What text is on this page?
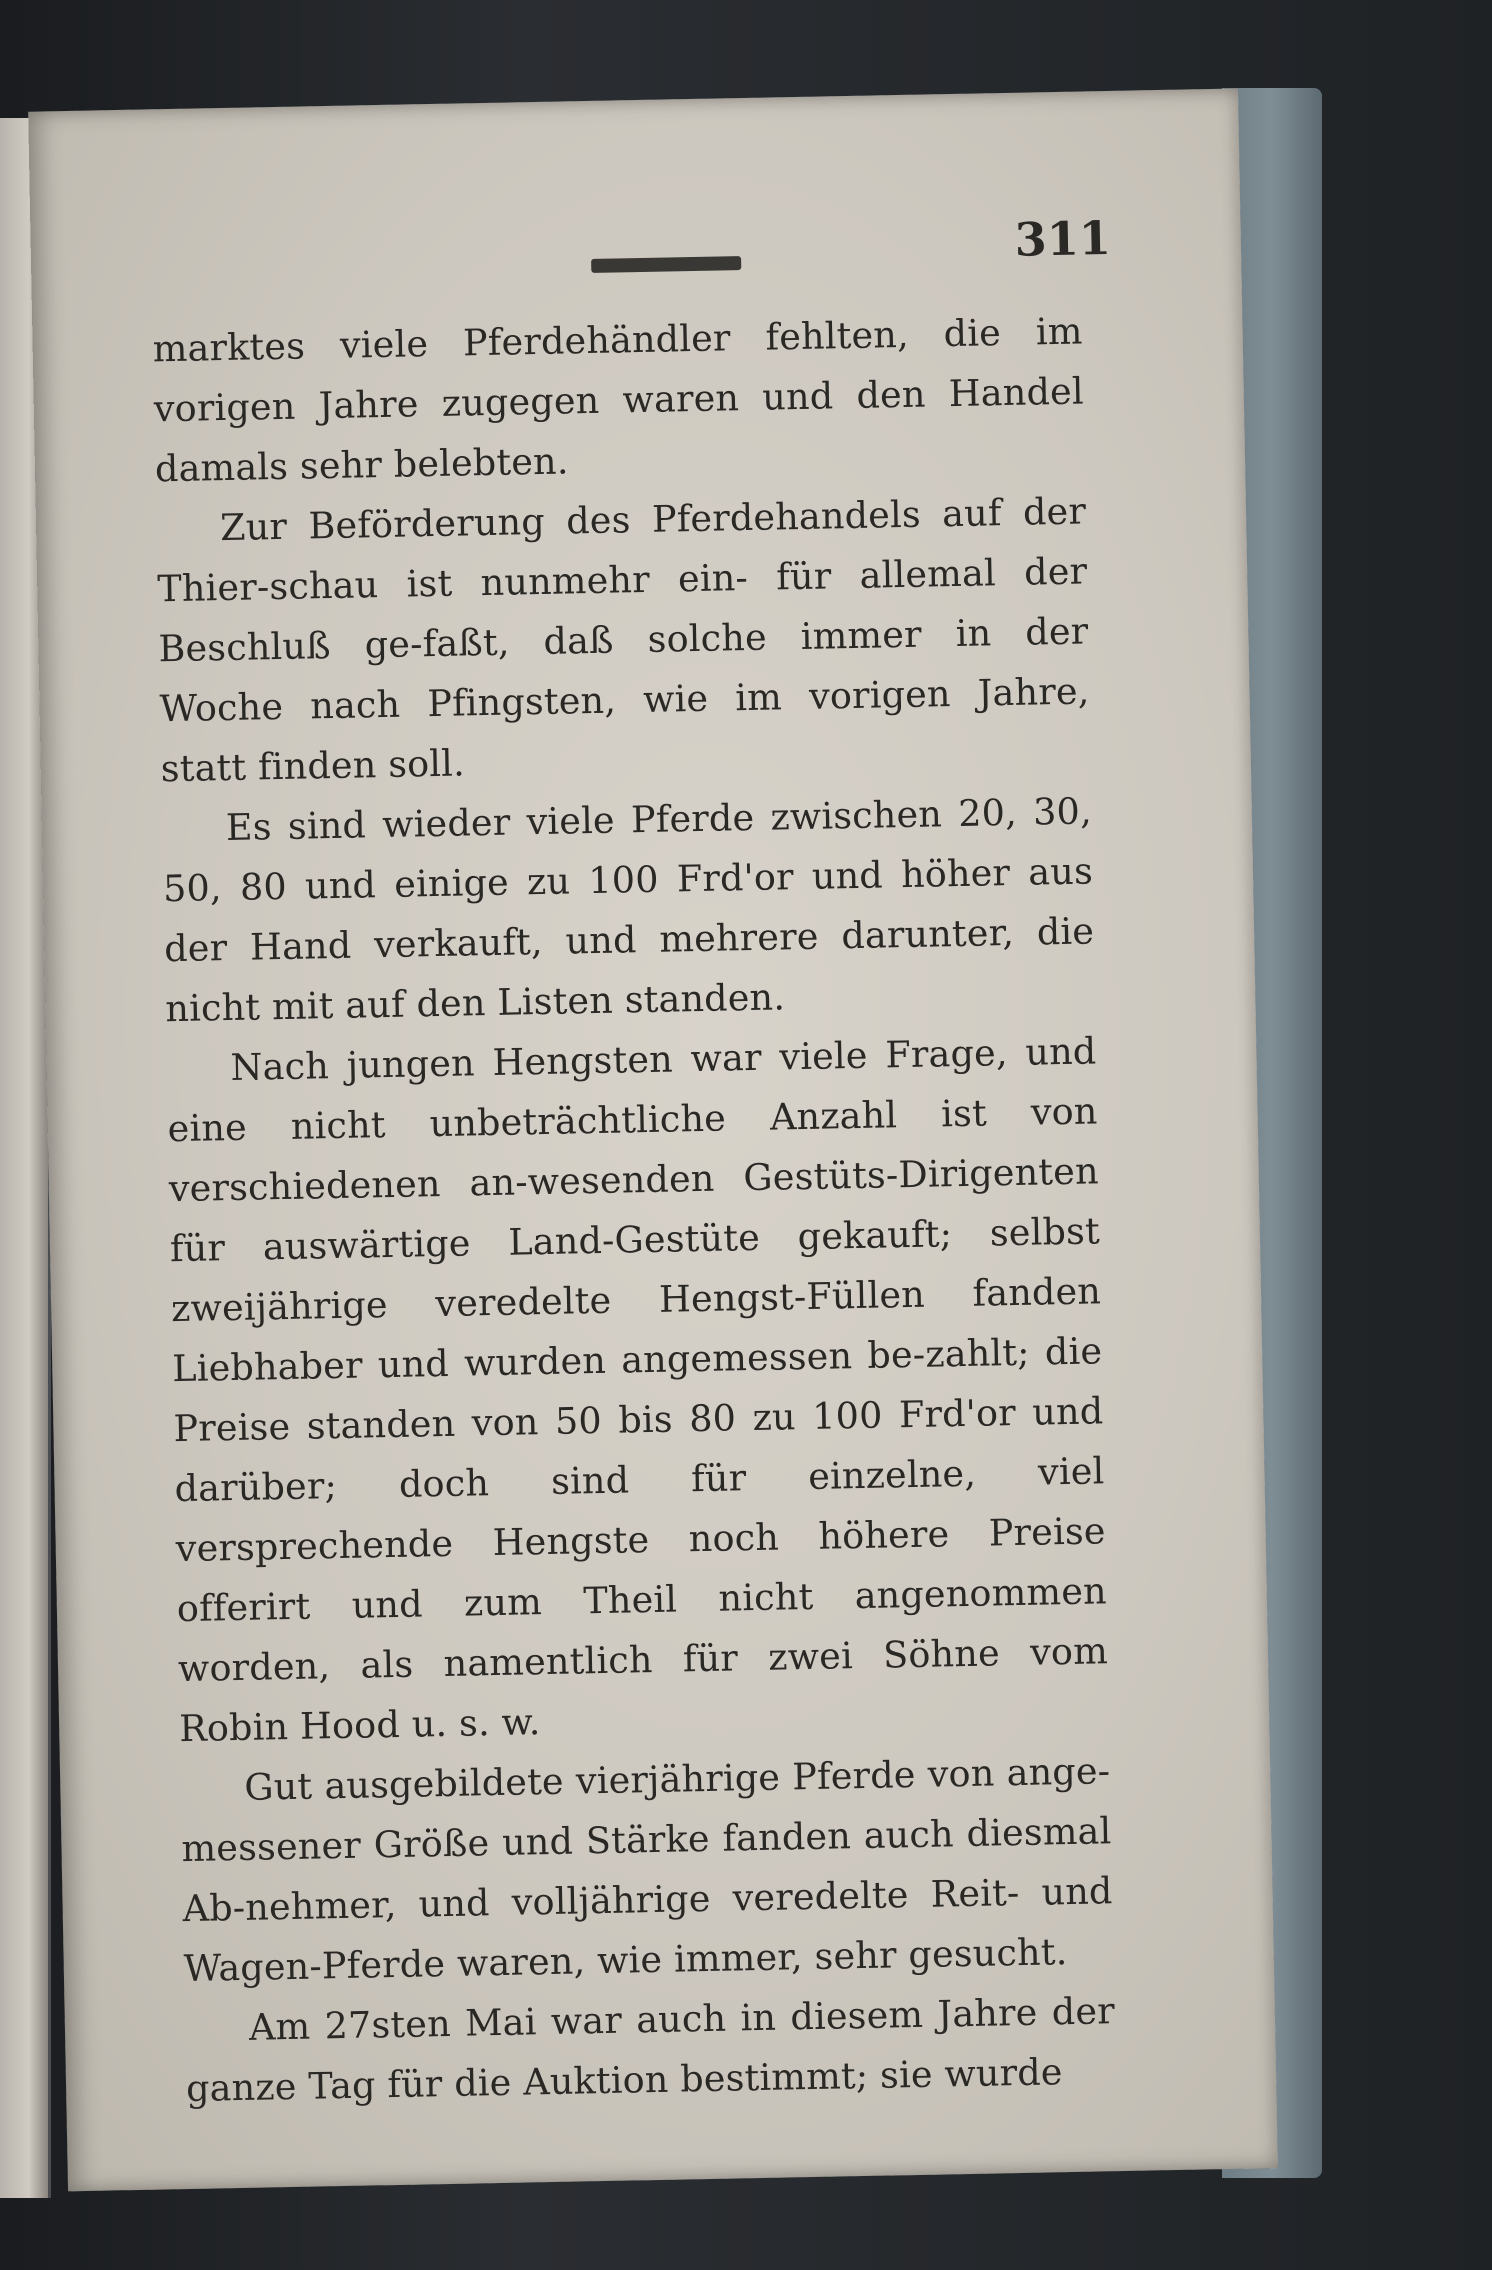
311

marktes viele Pferdehändler fehlten, die im vorigen Jahre zugegen waren und den Handel damals sehr belebten.

Zur Beförderung des Pferdehandels auf der Thier-schau ist nunmehr ein- für allemal der Beschluß ge-faßt, daß solche immer in der Woche nach Pfingsten, wie im vorigen Jahre, statt finden soll.

Es sind wieder viele Pferde zwischen 20, 30, 50, 80 und einige zu 100 Frd'or und höher aus der Hand verkauft, und mehrere darunter, die nicht mit auf den Listen standen.

Nach jungen Hengsten war viele Frage, und eine nicht unbeträchtliche Anzahl ist von verschiedenen an-wesenden Gestüts-Dirigenten für auswärtige Land-Gestüte gekauft; selbst zweijährige veredelte Hengst-Füllen fanden Liebhaber und wurden angemessen be-zahlt; die Preise standen von 50 bis 80 zu 100 Frd'or und darüber; doch sind für einzelne, viel versprechende Hengste noch höhere Preise offerirt und zum Theil nicht angenommen worden, als namentlich für zwei Söhne vom Robin Hood u. s. w.

Gut ausgebildete vierjährige Pferde von ange-messener Größe und Stärke fanden auch diesmal Ab-nehmer, und volljährige veredelte Reit- und Wagen-Pferde waren, wie immer, sehr gesucht.

Am 27sten Mai war auch in diesem Jahre der ganze Tag für die Auktion bestimmt; sie wurde
